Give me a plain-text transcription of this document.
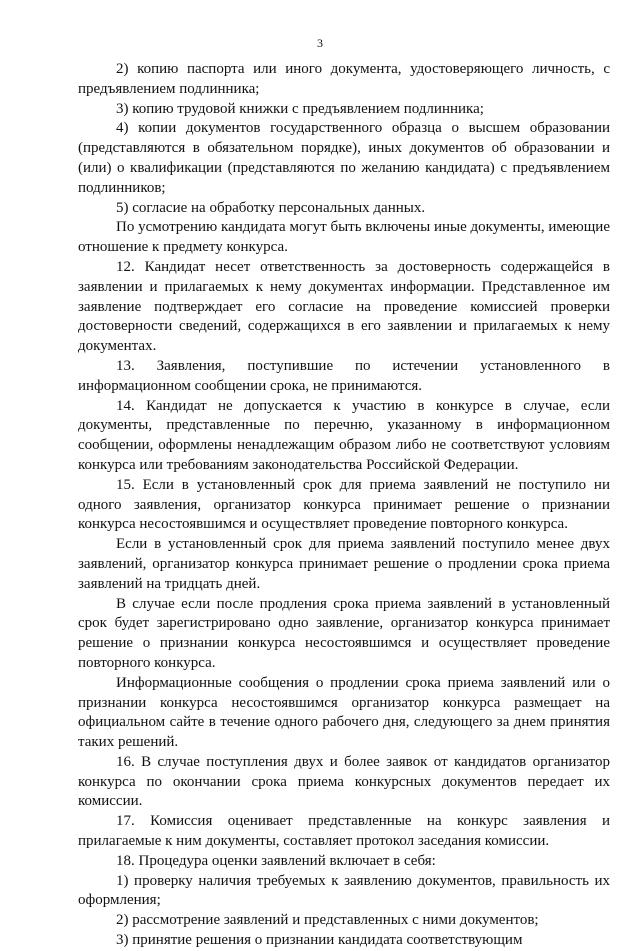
3

2) копию паспорта или иного документа, удостоверяющего личность, с предъявлением подлинника;

3) копию трудовой книжки с предъявлением подлинника;

4) копии документов государственного образца о высшем образовании (представляются в обязательном порядке), иных документов об образовании и (или) о квалификации (представляются по желанию кандидата) с предъявлением подлинников;

5) согласие на обработку персональных данных.

По усмотрению кандидата могут быть включены иные документы, имеющие отношение к предмету конкурса.

12. Кандидат несет ответственность за достоверность содержащейся в заявлении и прилагаемых к нему документах информации. Представленное им заявление подтверждает его согласие на проведение комиссией проверки достоверности сведений, содержащихся в его заявлении и прилагаемых к нему документах.

13. Заявления, поступившие по истечении установленного в информационном сообщении срока, не принимаются.

14. Кандидат не допускается к участию в конкурсе в случае, если документы, представленные по перечню, указанному в информационном сообщении, оформлены ненадлежащим образом либо не соответствуют условиям конкурса или требованиям законодательства Российской Федерации.

15. Если в установленный срок для приема заявлений не поступило ни одного заявления, организатор конкурса принимает решение о признании конкурса несостоявшимся и осуществляет проведение повторного конкурса.

Если в установленный срок для приема заявлений поступило менее двух заявлений, организатор конкурса принимает решение о продлении срока приема заявлений на тридцать дней.

В случае если после продления срока приема заявлений в установленный срок будет зарегистрировано одно заявление, организатор конкурса принимает решение о признании конкурса несостоявшимся и осуществляет проведение повторного конкурса.

Информационные сообщения о продлении срока приема заявлений или о признании конкурса несостоявшимся организатор конкурса размещает на официальном сайте в течение одного рабочего дня, следующего за днем принятия таких решений.

16. В случае поступления двух и более заявок от кандидатов организатор конкурса по окончании срока приема конкурсных документов передает их комиссии.

17. Комиссия оценивает представленные на конкурс заявления и прилагаемые к ним документы, составляет протокол заседания комиссии.

18. Процедура оценки заявлений включает в себя:

1) проверку наличия требуемых к заявлению документов, правильность их оформления;

2) рассмотрение заявлений и представленных с ними документов;

3) принятие решения о признании кандидата соответствующим
